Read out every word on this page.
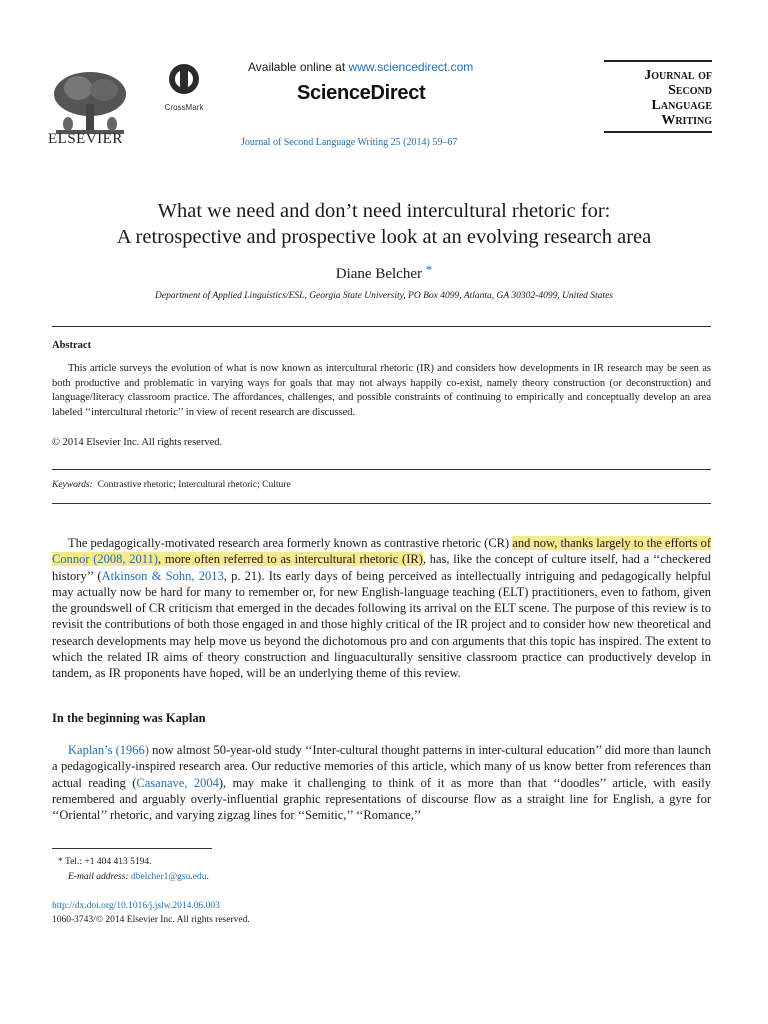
ELSEVIER
CrossMark
Available online at www.sciencedirect.com
ScienceDirect
Journal of Second Language Writing 25 (2014) 59–67
Journal of
Second
Language
Writing
What we need and don’t need intercultural rhetoric for:
A retrospective and prospective look at an evolving research area
Diane Belcher *
Department of Applied Linguistics/ESL, Georgia State University, PO Box 4099, Atlanta, GA 30302-4099, United States
Abstract
This article surveys the evolution of what is now known as intercultural rhetoric (IR) and considers how developments in IR research may be seen as both productive and problematic in varying ways for goals that may not always happily co-exist, namely theory construction (or deconstruction) and language/literacy classroom practice. The affordances, challenges, and possible constraints of continuing to empirically and conceptually develop an area labeled ‘‘intercultural rhetoric’’ in view of recent research are discussed.
© 2014 Elsevier Inc. All rights reserved.
Keywords: Contrastive rhetoric; Intercultural rhetoric; Culture
The pedagogically-motivated research area formerly known as contrastive rhetoric (CR) and now, thanks largely to the efforts of Connor (2008, 2011), more often referred to as intercultural rhetoric (IR), has, like the concept of culture itself, had a ‘‘checkered history’’ (Atkinson & Sohn, 2013, p. 21). Its early days of being perceived as intellectually intriguing and pedagogically helpful may actually now be hard for many to remember or, for new English-language teaching (ELT) practitioners, even to fathom, given the groundswell of CR criticism that emerged in the decades following its arrival on the ELT scene. The purpose of this review is to revisit the contributions of both those engaged in and those highly critical of the IR project and to consider how new theoretical and research developments may help move us beyond the dichotomous pro and con arguments that this topic has inspired. The extent to which the related IR aims of theory construction and linguaculturally sensitive classroom practice can productively develop in tandem, as IR proponents have hoped, will be an underlying theme of this review.
In the beginning was Kaplan
Kaplan’s (1966) now almost 50-year-old study ‘‘Inter-cultural thought patterns in inter-cultural education’’ did more than launch a pedagogically-inspired research area. Our reductive memories of this article, which many of us know better from references than actual reading (Casanave, 2004), may make it challenging to think of it as more than that ‘‘doodles’’ article, with easily remembered and arguably overly-influential graphic representations of discourse flow as a straight line for English, a gyre for ‘‘Oriental’’ rhetoric, and varying zigzag lines for ‘‘Semitic,’’ ‘‘Romance,’’
* Tel.: +1 404 413 5194.
E-mail address: dbelcher1@gsu.edu.
http://dx.doi.org/10.1016/j.jslw.2014.06.003
1060-3743/© 2014 Elsevier Inc. All rights reserved.
